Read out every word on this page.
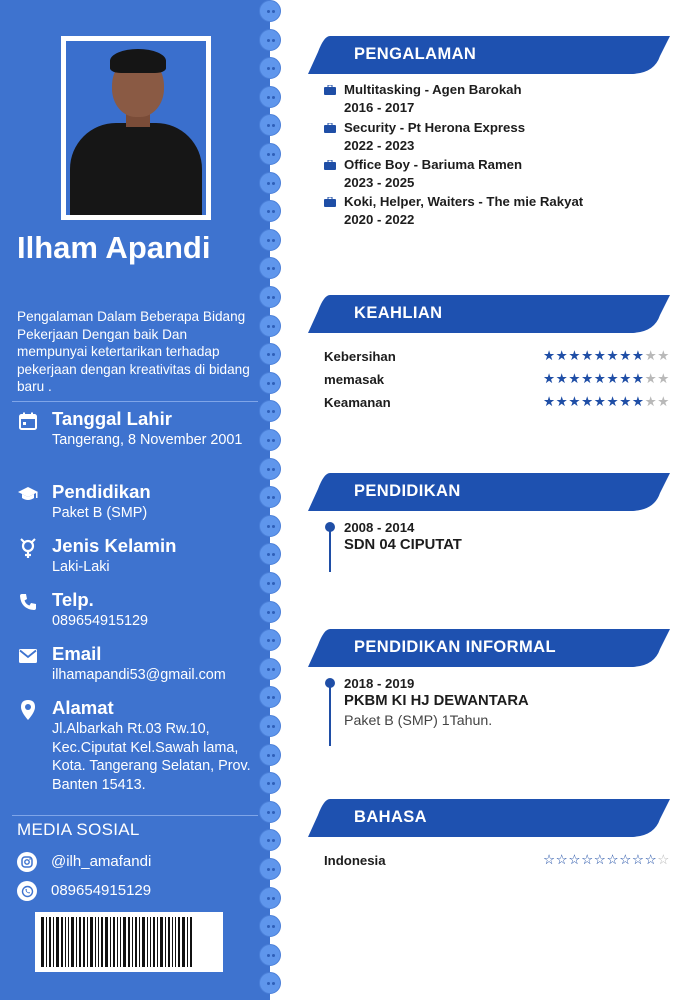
Ilham Apandi
Pengalaman Dalam Beberapa Bidang Pekerjaan Dengan baik Dan mempunyai ketertarikan terhadap pekerjaan dengan kreativitas di bidang baru .
Tanggal Lahir
Tangerang, 8 November 2001
Pendidikan
Paket B (SMP)
Jenis Kelamin
Laki-Laki
Telp.
089654915129
Email
ilhamapandi53@gmail.com
Alamat
Jl.Albarkah Rt.03 Rw.10, Kec.Ciputat Kel.Sawah lama, Kota. Tangerang Selatan, Prov. Banten 15413.
MEDIA SOSIAL
@ilh_amafandi
089654915129
PENGALAMAN
Multitasking - Agen Barokah
2016 - 2017
Security - Pt Herona Express
2022 - 2023
Office Boy - Bariuma Ramen
2023 - 2025
Koki, Helper, Waiters - The mie Rakyat
2020 - 2022
KEAHLIAN
Kebersihan	★★★★★★★★★★
memasak	★★★★★★★★★★
Keamanan	★★★★★★★★★★
PENDIDIKAN
2008 - 2014
SDN 04 CIPUTAT
PENDIDIKAN INFORMAL
2018 - 2019
PKBM KI HJ DEWANTARA
Paket B (SMP) 1Tahun.
BAHASA
Indonesia	☆☆☆☆☆☆☆☆☆☆
